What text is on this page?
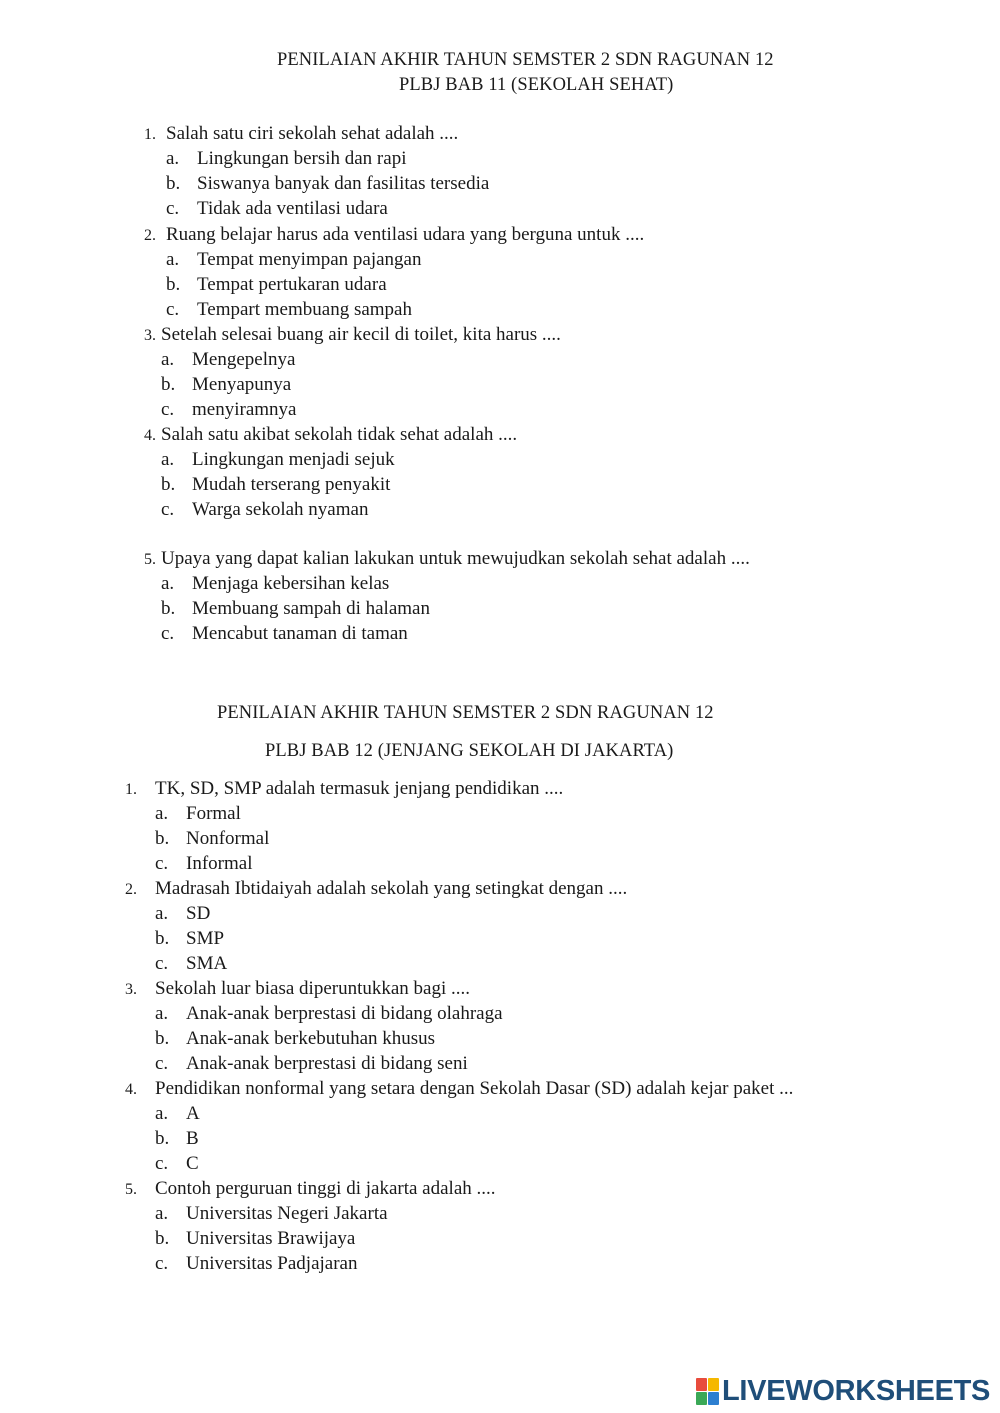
PENILAIAN AKHIR TAHUN SEMSTER 2 SDN RAGUNAN 12
PLBJ BAB 11 (SEKOLAH SEHAT)
1. Salah satu ciri sekolah sehat adalah ....
a. Lingkungan bersih dan rapi
b. Siswanya banyak dan fasilitas tersedia
c. Tidak ada ventilasi udara
2. Ruang belajar harus ada ventilasi udara yang berguna untuk ....
a. Tempat menyimpan pajangan
b. Tempat pertukaran udara
c. Tempart membuang sampah
3. Setelah selesai buang air kecil di toilet, kita harus ....
a. Mengepelnya
b. Menyapunya
c. menyiramnya
4. Salah satu akibat sekolah tidak sehat adalah ....
a. Lingkungan menjadi sejuk
b. Mudah terserang penyakit
c. Warga sekolah nyaman
5. Upaya yang dapat kalian lakukan untuk mewujudkan sekolah sehat adalah ....
a. Menjaga kebersihan kelas
b. Membuang sampah di halaman
c. Mencabut tanaman di taman
PENILAIAN AKHIR TAHUN SEMSTER 2 SDN RAGUNAN 12
PLBJ BAB 12 (JENJANG SEKOLAH DI JAKARTA)
1. TK, SD, SMP adalah termasuk jenjang pendidikan ....
a. Formal
b. Nonformal
c. Informal
2. Madrasah Ibtidaiyah adalah sekolah yang setingkat dengan ....
a. SD
b. SMP
c. SMA
3. Sekolah luar biasa diperuntukkan bagi ....
a. Anak-anak berprestasi di bidang olahraga
b. Anak-anak berkebutuhan khusus
c. Anak-anak berprestasi di bidang seni
4. Pendidikan nonformal yang setara dengan Sekolah Dasar (SD) adalah kejar paket ...
a. A
b. B
c. C
5. Contoh perguruan tinggi di jakarta adalah ....
a. Universitas Negeri Jakarta
b. Universitas Brawijaya
c. Universitas Padjajaran
LIVEWORKSHEETS
